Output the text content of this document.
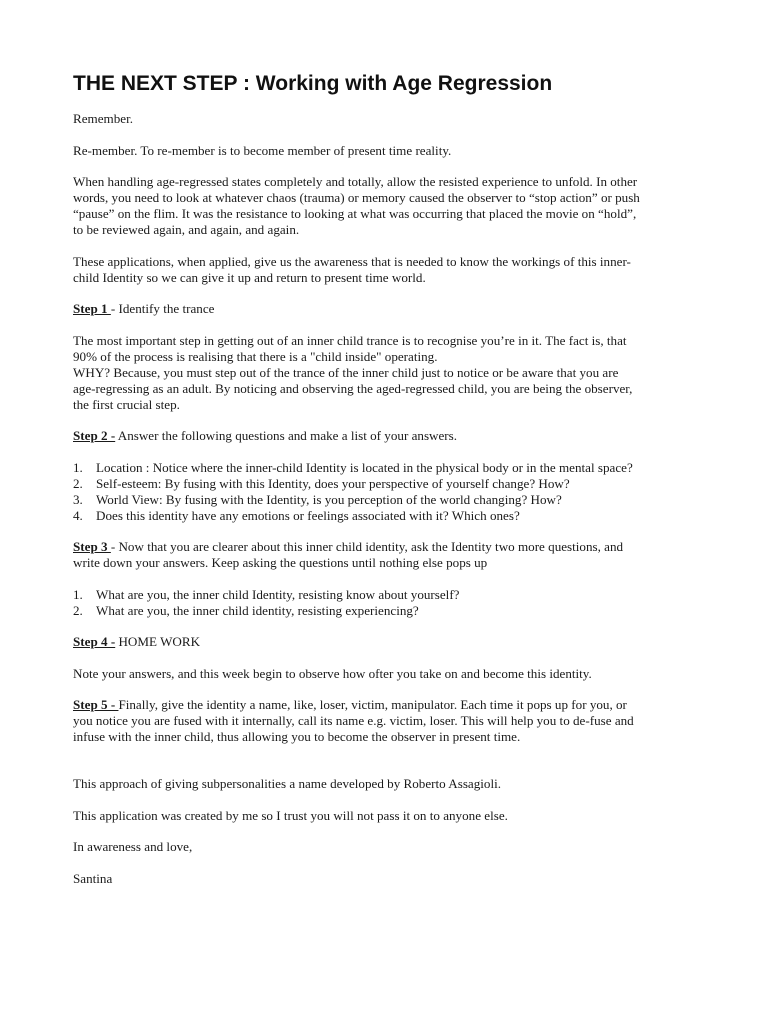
THE NEXT STEP : Working with Age Regression

Remember.

Re-member. To re-member is to become member of present time reality.

When handling age-regressed states completely and totally, allow the resisted experience to unfold. In other
words, you need to look at whatever chaos (trauma) or memory caused the observer to “stop action” or push
“pause” on the flim. It was the resistance to looking at what was occurring that placed the movie on “hold”,
to be reviewed again, and again, and again.

These applications, when applied, give us the awareness that is needed to know the workings of this inner-
child Identity so we can give it up and return to present time world.

Step 1 - Identify the trance

The most important step in getting out of an inner child trance is to recognise you’re in it. The fact is, that
90% of the process is realising that there is a "child inside" operating.
WHY? Because, you must step out of the trance of the inner child just to notice or be aware that you are
age-regressing as an adult. By noticing and observing the aged-regressed child, you are being the observer,
the first crucial step.

Step 2 - Answer the following questions and make a list of your answers.

1.	Location : Notice where the inner-child Identity is located in the physical body or in the mental space?
2.	Self-esteem: By fusing with this Identity, does your perspective of yourself change? How?
3.	World View: By fusing with the Identity, is you perception of the world changing? How?
4.	Does this identity have any emotions or feelings associated with it? Which ones?

Step 3 - Now that you are clearer about this inner child identity, ask the Identity two more questions, and
write down your answers. Keep asking the questions until nothing else pops up

1.	What are you, the inner child Identity, resisting know about yourself?
2.	What are you, the inner child identity, resisting experiencing?

Step 4 - HOME WORK

Note your answers, and this week begin to observe how ofter you take on and become this identity.

Step 5 - Finally, give the identity a name, like, loser, victim, manipulator. Each time it pops up for you, or
you notice you are fused with it internally, call its name e.g. victim, loser. This will help you to de-fuse and
infuse with the inner child, thus allowing you to become the observer in present time.

This approach of giving subpersonalities a name developed by Roberto Assagioli.

This application was created by me so I trust you will not pass it on to anyone else.

In awareness and love,

Santina
